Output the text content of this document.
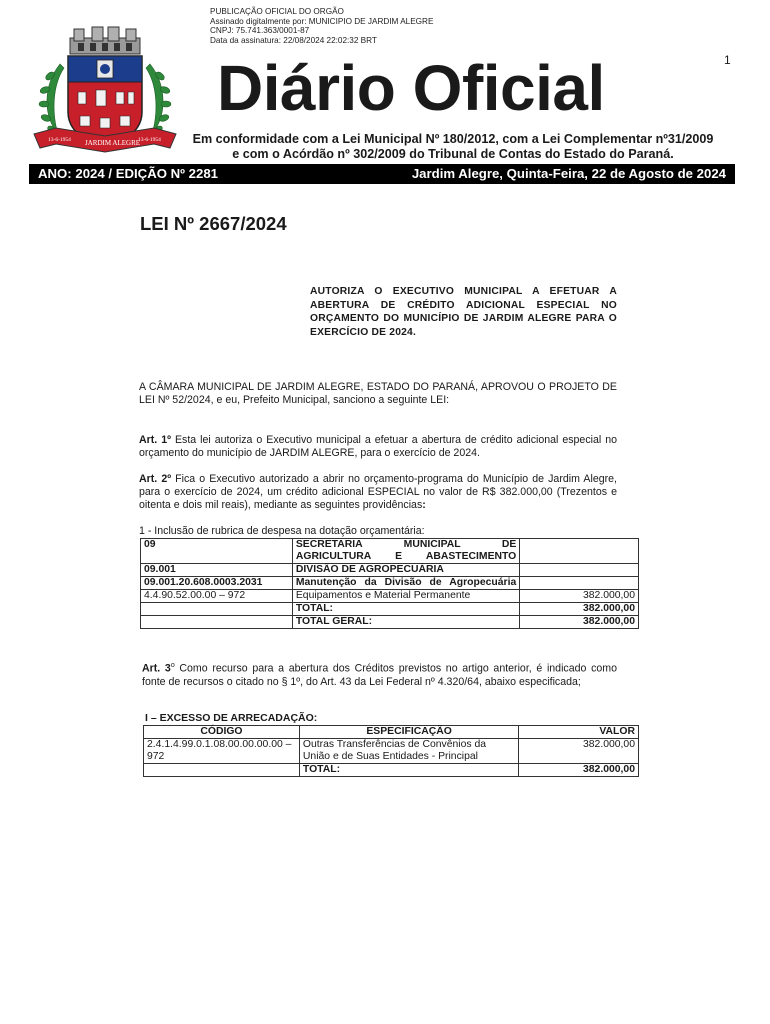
PUBLICAÇÃO OFICIAL DO ORGÃO
Assinado digitalmente por: MUNICIPIO DE JARDIM ALEGRE
CNPJ: 75.741.363/0001-87
Data da assinatura: 22/08/2024 22:02:32 BRT
1
13-6-1954 JARDIM ALEGRE
13-6-1954
Diário Oficial
Em conformidade com a Lei Municipal Nº 180/2012, com a Lei Complementar nº31/2009
e com o Acórdão nº 302/2009 do Tribunal de Contas do Estado do Paraná.
ANO: 2024 / EDIÇÃO Nº 2281	Jardim Alegre, Quinta-Feira, 22 de Agosto de 2024
LEI Nº 2667/2024
AUTORIZA O EXECUTIVO MUNICIPAL A EFETUAR A ABERTURA DE CRÉDITO ADICIONAL ESPECIAL NO ORÇAMENTO DO MUNICÍPIO DE JARDIM ALEGRE PARA O EXERCÍCIO DE 2024.
A CÂMARA MUNICIPAL DE JARDIM ALEGRE, ESTADO DO PARANÁ, APROVOU O PROJETO DE LEI Nº 52/2024, e eu, Prefeito Municipal, sanciono a seguinte LEI:
Art. 1º Esta lei autoriza o Executivo municipal a efetuar a abertura de crédito adicional especial no orçamento do município de JARDIM ALEGRE, para o exercício de 2024.
Art. 2º Fica o Executivo autorizado a abrir no orçamento-programa do Município de Jardim Alegre, para o exercício de 2024, um crédito adicional ESPECIAL no valor de R$ 382.000,00 (Trezentos e oitenta e dois mil reais), mediante as seguintes providências:
1 - Inclusão de rubrica de despesa na dotação orçamentária:
09	SECRETARIA MUNICIPAL DE AGRICULTURA E ABASTECIMENTO	
09.001	DIVISÃO DE AGROPECUÁRIA	
09.001.20.608.0003.2031	Manutenção da Divisão de Agropecuária	
4.4.90.52.00.00 – 972	Equipamentos e Material Permanente	382.000,00
	TOTAL:	382.000,00
	TOTAL GERAL:	382.000,00
Art. 3$^o$ Como recurso para a abertura dos Créditos previstos no artigo anterior, é indicado como fonte de recursos o citado no § 1º, do Art. 43 da Lei Federal nº 4.320/64, abaixo especificada;
I – EXCESSO DE ARRECADAÇÃO:
CÓDIGO	ESPECIFICAÇÃO	VALOR
2.4.1.4.99.0.1.08.00.00.00.00 – 972	Outras Transferências de Convênios da União e de Suas Entidades - Principal	382.000,00
	TOTAL:	382.000,00
